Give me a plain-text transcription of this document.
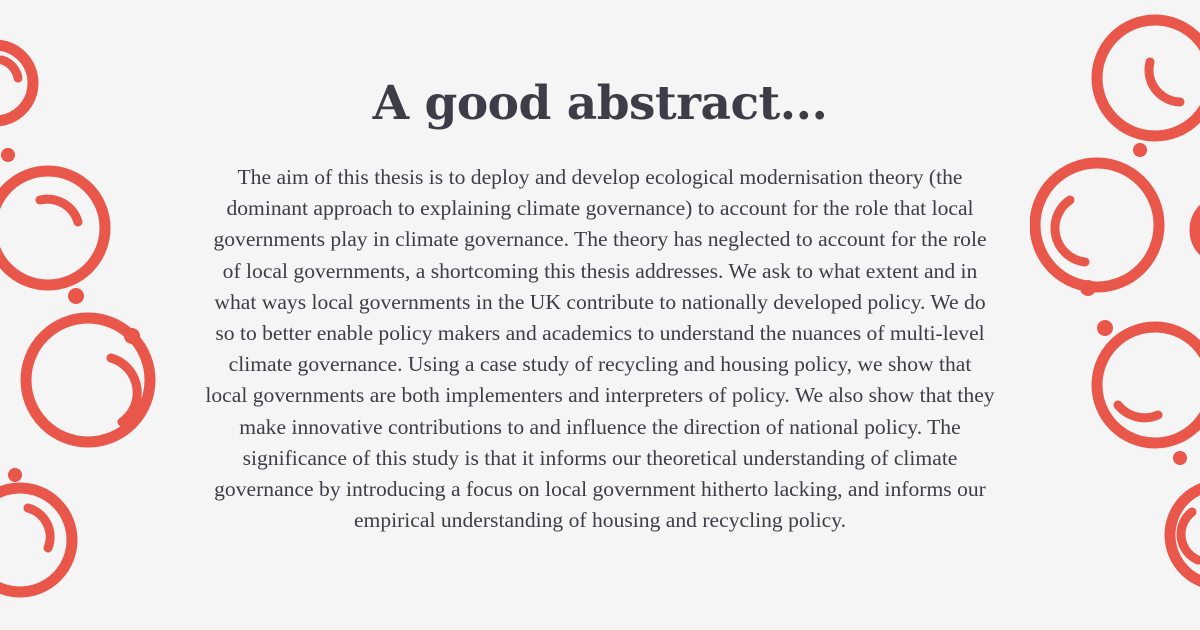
A good abstract...

The aim of this thesis is to deploy and develop ecological modernisation theory (the dominant approach to explaining climate governance) to account for the role that local governments play in climate governance. The theory has neglected to account for the role of local governments, a shortcoming this thesis addresses. We ask to what extent and in what ways local governments in the UK contribute to nationally developed policy. We do so to better enable policy makers and academics to understand the nuances of multi-level climate governance. Using a case study of recycling and housing policy, we show that local governments are both implementers and interpreters of policy. We also show that they make innovative contributions to and influence the direction of national policy. The significance of this study is that it informs our theoretical understanding of climate governance by introducing a focus on local government hitherto lacking, and informs our empirical understanding of housing and recycling policy.
